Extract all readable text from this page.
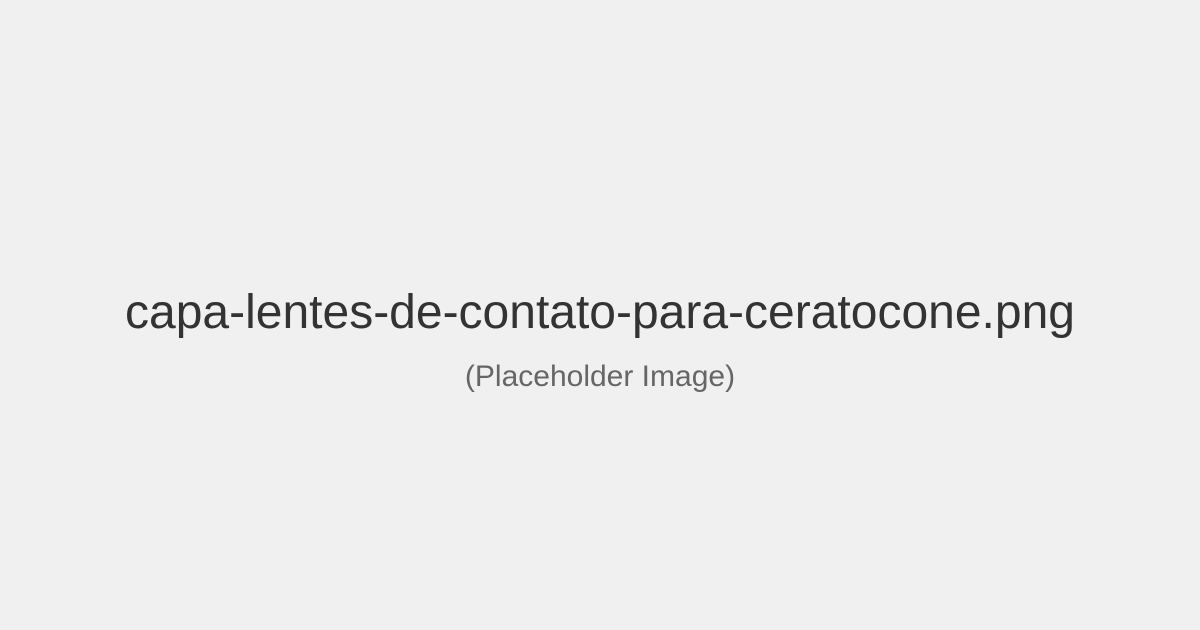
capa-lentes-de-contato-para-ceratocone.png
(Placeholder Image)
